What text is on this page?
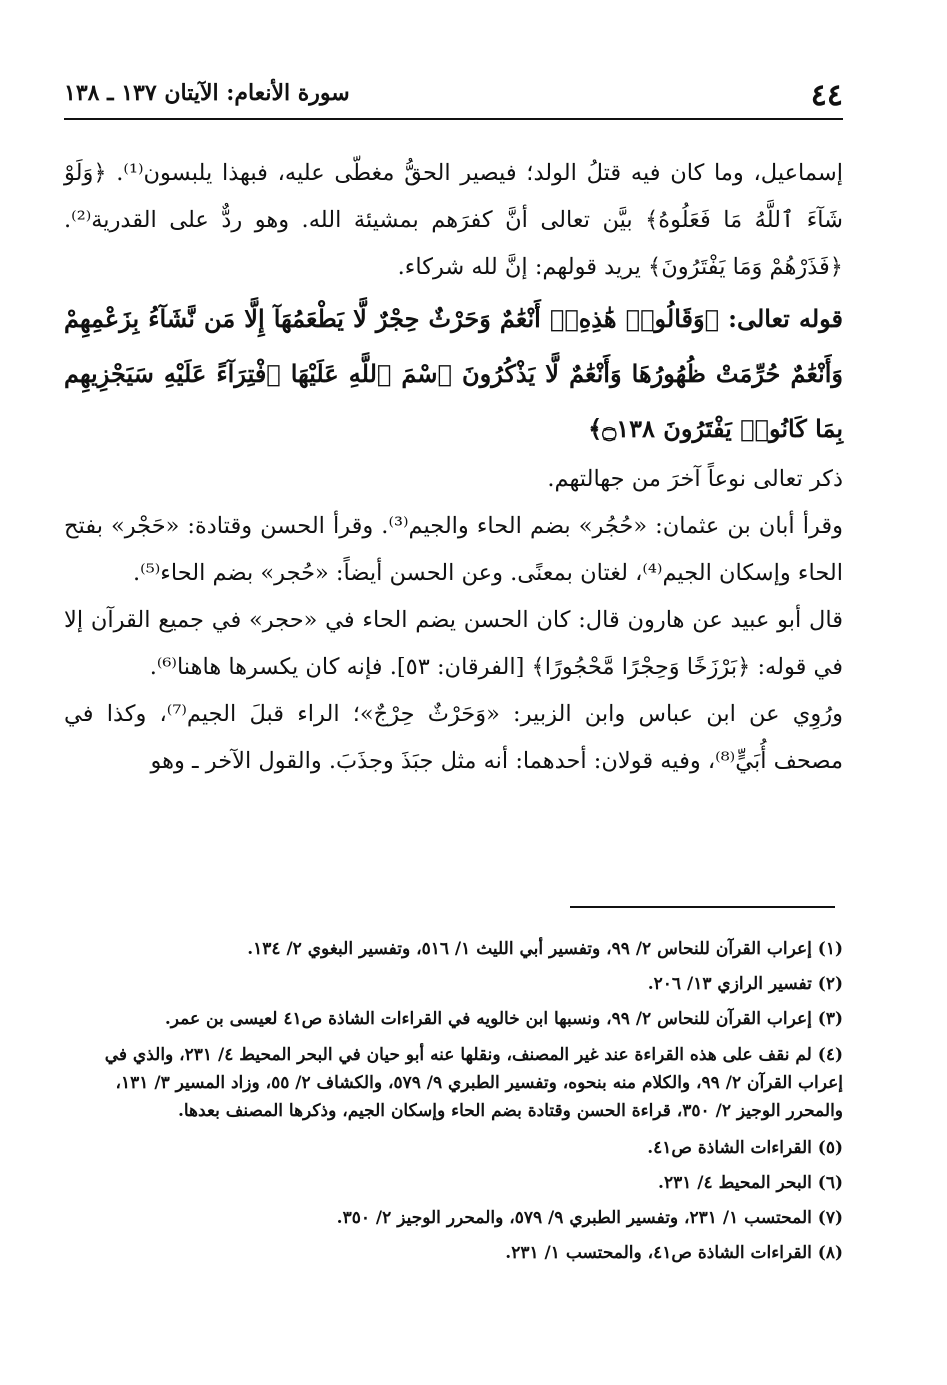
٤٤
سورة الأنعام: الآيتان ١٣٧ ـ ١٣٨

إسماعيل، وما كان فيه قتلُ الولد؛ فيصير الحقُّ مغطّى عليه، فبهذا يلبسون⁽¹⁾. ﴿وَلَوْ شَآءَ ٱللَّهُ مَا فَعَلُوهُ﴾ بيَّن تعالى أنَّ كفرَهم بمشيئة الله. وهو ردٌّ على القدرية⁽²⁾. ﴿فَذَرْهُمْ وَمَا يَفْتَرُونَ﴾ يريد قولهم: إنَّ لله شركاء.

قوله تعالى: ﴿وَقَالُوا۟ هَٰذِهِۦٓ أَنْعَٰمٌ وَحَرْثٌ حِجْرٌ لَّا يَطْعَمُهَآ إِلَّا مَن نَّشَآءُ بِزَعْمِهِمْ وَأَنْعَٰمٌ حُرِّمَتْ ظُهُورُهَا وَأَنْعَٰمٌ لَّا يَذْكُرُونَ ٱسْمَ ٱللَّهِ عَلَيْهَا ٱفْتِرَآءً عَلَيْهِ سَيَجْزِيهِم بِمَا كَانُوا۟ يَفْتَرُونَ ۝١٣٨﴾

ذكر تعالى نوعاً آخرَ من جهالتهم.

وقرأ أبان بن عثمان: «حُجُر» بضم الحاء والجيم⁽³⁾. وقرأ الحسن وقتادة: «حَجْر» بفتح الحاء وإسكان الجيم⁽⁴⁾، لغتان بمعنًى. وعن الحسن أيضاً: «حُجر» بضم الحاء⁽⁵⁾.

قال أبو عبيد عن هارون قال: كان الحسن يضم الحاء في «حجر» في جميع القرآن إلا في قوله: ﴿بَرْزَخًا وَحِجْرًا مَّحْجُورًا﴾ [الفرقان: ٥٣]. فإنه كان يكسرها هاهنا⁽⁶⁾.

ورُوِي عن ابن عباس وابن الزبير: «وَحَرْثٌ حِرْجٌ»؛ الراء قبلَ الجيم⁽⁷⁾، وكذا في مصحف أُبَيٍّ⁽⁸⁾، وفيه قولان: أحدهما: أنه مثل جبَذَ وجذَبَ. والقول الآخر ـ وهو

(١) إعراب القرآن للنحاس ٢/ ٩٩، وتفسير أبي الليث ١/ ٥١٦، وتفسير البغوي ٢/ ١٣٤.

(٢) تفسير الرازي ١٣/ ٢٠٦.

(٣) إعراب القرآن للنحاس ٢/ ٩٩، ونسبها ابن خالويه في القراءات الشاذة ص٤١ لعيسى بن عمر.

(٤) لم نقف على هذه القراءة عند غير المصنف، ونقلها عنه أبو حيان في البحر المحيط ٤/ ٢٣١، والذي في إعراب القرآن ٢/ ٩٩، والكلام منه بنحوه، وتفسير الطبري ٩/ ٥٧٩، والكشاف ٢/ ٥٥، وزاد المسير ٣/ ١٣١، والمحرر الوجيز ٢/ ٣٥٠، قراءة الحسن وقتادة بضم الحاء وإسكان الجيم، وذكرها المصنف بعدها.

(٥) القراءات الشاذة ص٤١.

(٦) البحر المحيط ٤/ ٢٣١.

(٧) المحتسب ١/ ٢٣١، وتفسير الطبري ٩/ ٥٧٩، والمحرر الوجيز ٢/ ٣٥٠.

(٨) القراءات الشاذة ص٤١، والمحتسب ١/ ٢٣١.
